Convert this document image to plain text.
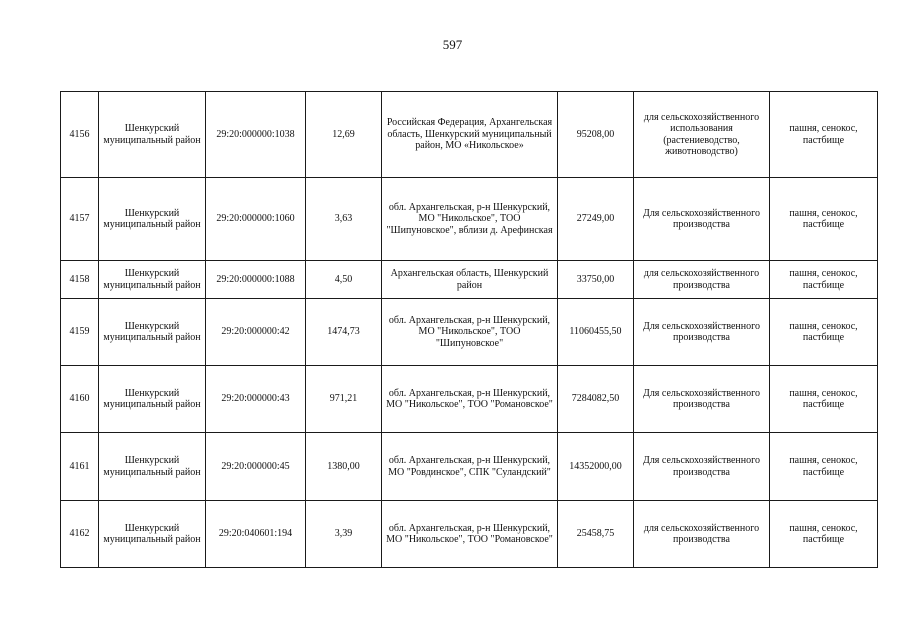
597
4156	Шенкурский муниципальный район	29:20:000000:1038	12,69	Российская Федерация, Архангельская область, Шенкурский муниципальный район, МО «Никольское»	95208,00	для сельскохозяйственного использования (растениеводство, животноводство)	пашня, сенокос, пастбище
4157	Шенкурский муниципальный район	29:20:000000:1060	3,63	обл. Архангельская, р-н Шенкурский, МО "Никольское", ТОО "Шипуновское", вблизи д. Арефинская	27249,00	Для сельскохозяйственного производства	пашня, сенокос, пастбище
4158	Шенкурский муниципальный район	29:20:000000:1088	4,50	Архангельская область, Шенкурский район	33750,00	для сельскохозяйственного производства	пашня, сенокос, пастбище
4159	Шенкурский муниципальный район	29:20:000000:42	1474,73	обл. Архангельская, р-н Шенкурский, МО "Никольское", ТОО "Шипуновское"	11060455,50	Для сельскохозяйственного производства	пашня, сенокос, пастбище
4160	Шенкурский муниципальный район	29:20:000000:43	971,21	обл. Архангельская, р-н Шенкурский, МО "Никольское", ТОО "Романовское"	7284082,50	Для сельскохозяйственного производства	пашня, сенокос, пастбище
4161	Шенкурский муниципальный район	29:20:000000:45	1380,00	обл. Архангельская, р-н Шенкурский, МО "Ровдинское", СПК "Суландский"	14352000,00	Для сельскохозяйственного производства	пашня, сенокос, пастбище
4162	Шенкурский муниципальный район	29:20:040601:194	3,39	обл. Архангельская, р-н Шенкурский, МО "Никольское", ТОО "Романовское"	25458,75	для сельскохозяйственного производства	пашня, сенокос, пастбище
